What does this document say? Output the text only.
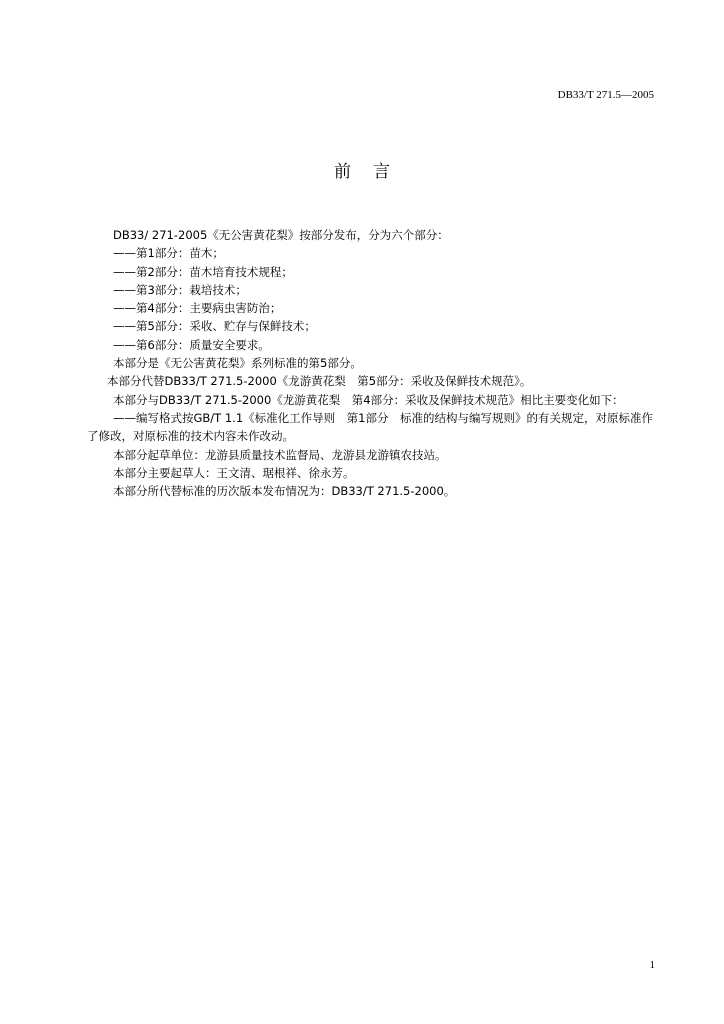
DB33/T 271.5—2005
前言

DB33/ 271-2005《无公害黄花梨》按部分发布，分为六个部分：

——第1部分：苗木；

——第2部分：苗木培育技术规程；

——第3部分：栽培技术；

——第4部分：主要病虫害防治；

——第5部分：采收、贮存与保鲜技术；

——第6部分：质量安全要求。

本部分是《无公害黄花梨》系列标准的第5部分。

本部分代替DB33/T 271.5-2000《龙游黄花梨　第5部分：采收及保鲜技术规范》。

本部分与DB33/T 271.5-2000《龙游黄花梨　第4部分：采收及保鲜技术规范》相比主要变化如下：

——编写格式按GB/T 1.1《标准化工作导则　第1部分　标准的结构与编写规则》的有关规定，对原标准作了修改，对原标准的技术内容未作改动。

本部分起草单位：龙游县质量技术监督局、龙游县龙游镇农技站。

本部分主要起草人：王文清、琚根祥、徐永芳。

本部分所代替标准的历次版本发布情况为：DB33/T 271.5-2000。

1
